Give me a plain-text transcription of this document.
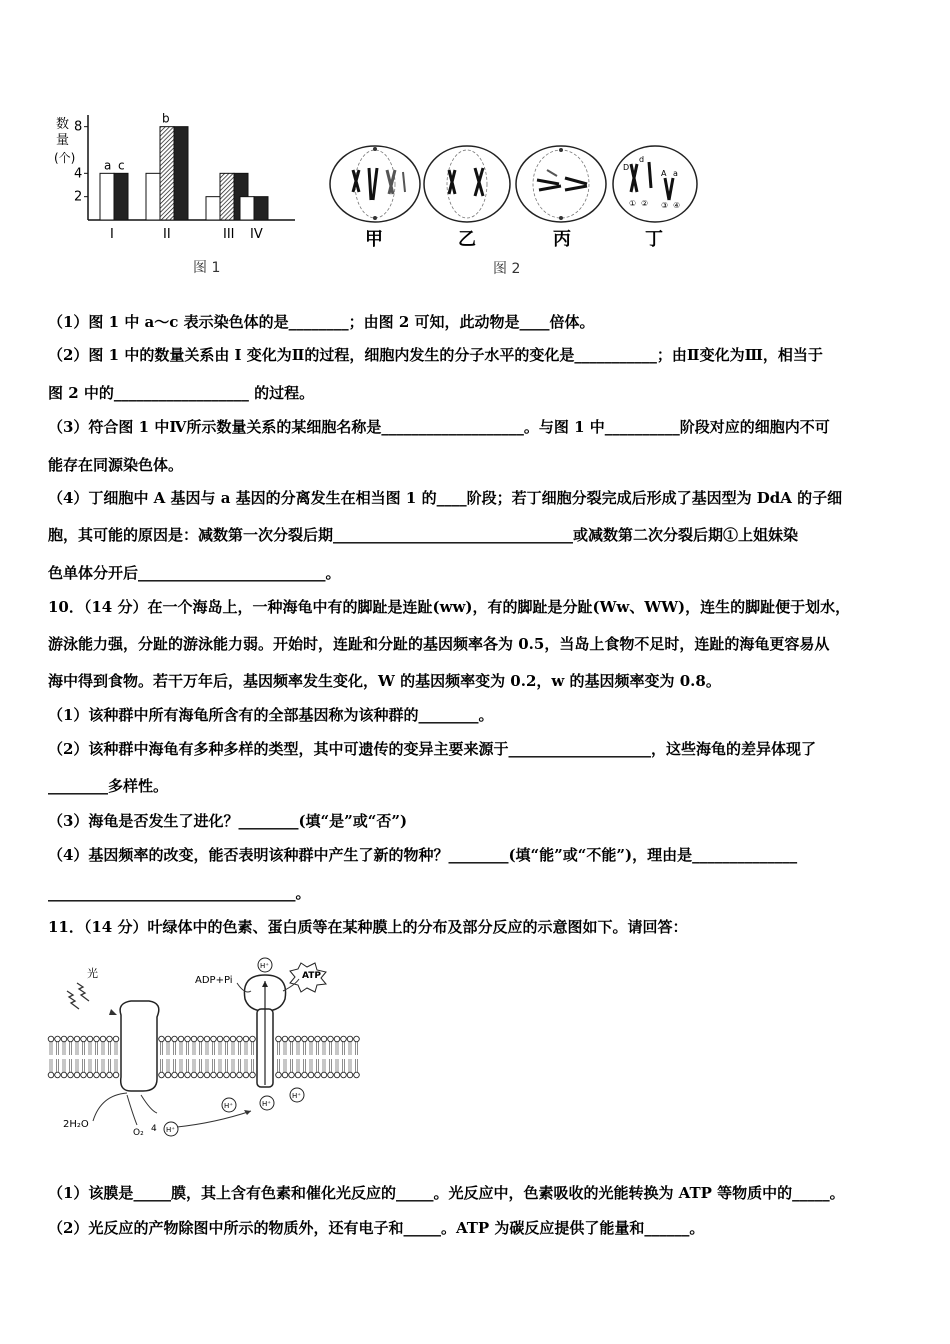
2
4
8
I	II	III IV
a c
b
数
量
(个)
图 1
D
d
A a
① ② ③ ④
甲	乙	丙	丁
图 2
（1）图 1 中 a～c 表示染色体的是________；由图 2 可知，此动物是____倍体。
（2）图 1 中的数量关系由 I 变化为Ⅱ的过程，细胞内发生的分子水平的变化是___________；由Ⅱ变化为Ⅲ，相当于
图 2 中的__________________ 的过程。
（3）符合图 1 中Ⅳ所示数量关系的某细胞名称是___________________。与图 1 中__________阶段对应的细胞内不可
能存在同源染色体。
（4）丁细胞中 A 基因与 a 基因的分离发生在相当图 1 的____阶段；若丁细胞分裂完成后形成了基因型为 DdA 的子细
胞，其可能的原因是：减数第一次分裂后期________________________________或减数第二次分裂后期①上姐妹染
色单体分开后_________________________。
10．（14 分）在一个海岛上，一种海龟中有的脚趾是连趾(ww)，有的脚趾是分趾(Ww、WW)，连生的脚趾便于划水，
游泳能力强，分趾的游泳能力弱。开始时，连趾和分趾的基因频率各为 0.5，当岛上食物不足时，连趾的海龟更容易从
海中得到食物。若干万年后，基因频率发生变化，W 的基因频率变为 0.2，w 的基因频率变为 0.8。
（1）该种群中所有海龟所含有的全部基因称为该种群的________。
（2）该种群中海龟有多种多样的类型，其中可遗传的变异主要来源于___________________，这些海龟的差异体现了
________多样性。
（3）海龟是否发生了进化？________(填“是”或“否”)
（4）基因频率的改变，能否表明该种群中产生了新的物种？________(填“能”或“不能”)，理由是______________
_________________________________。
11．（14 分）叶绿体中的色素、蛋白质等在某种膜上的分布及部分反应的示意图如下。请回答：
光
ADP+Pi	ATP
H⁺
H⁺
H⁺	H⁺
H⁺
2H₂O
O₂ 4
（1）该膜是_____膜，其上含有色素和催化光反应的_____。光反应中，色素吸收的光能转换为 ATP 等物质中的_____。
（2）光反应的产物除图中所示的物质外，还有电子和_____。ATP 为碳反应提供了能量和______。
